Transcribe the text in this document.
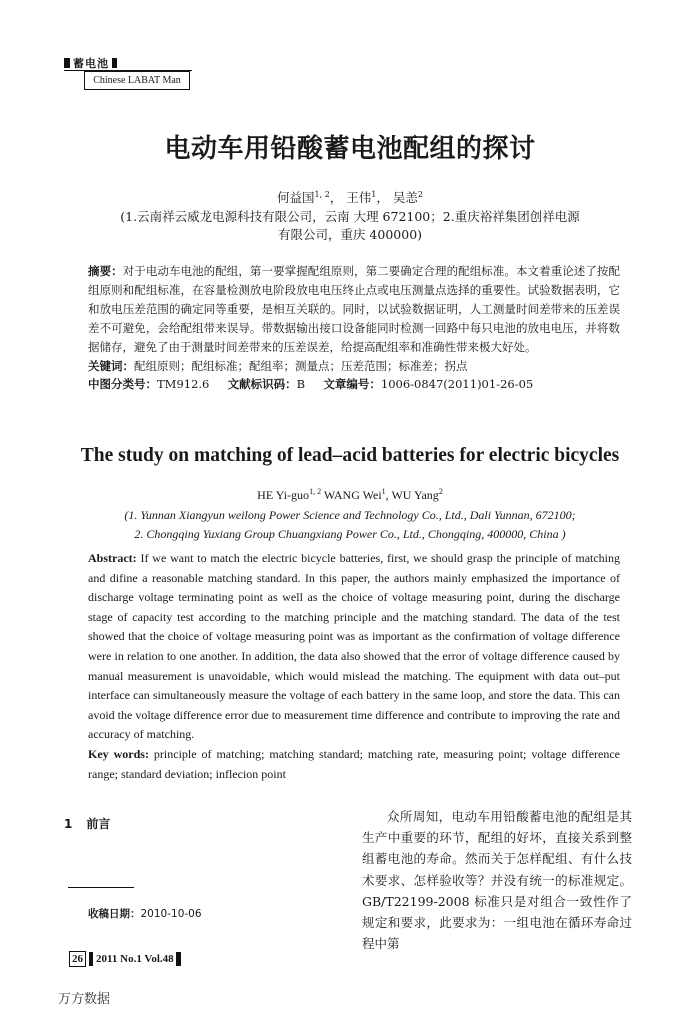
蓄电池
Chinese LABAT Man
电动车用铅酸蓄电池配组的探讨
何益国$^{1, 2}$， 王伟$^1$， 吴恙$^2$
(1.云南祥云威龙电源科技有限公司，云南 大理 672100；2.重庆裕祥集团创祥电源
有限公司，重庆 400000)
摘要：对于电动车电池的配组，第一要掌握配组原则，第二要确定合理的配组标准。本文着重论述了按配组原则和配组标准，在容量检测放电阶段放电电压终止点或电压测量点选择的重要性。试验数据表明，它和放电压差范围的确定同等重要，是相互关联的。同时，以试验数据证明，人工测量时间差带来的压差误差不可避免，会给配组带来误导。带数据输出接口设备能同时检测一回路中每只电池的放电电压，并将数据储存，避免了由于测量时间差带来的压差误差，给提高配组率和准确性带来极大好处。
关键词：配组原则；配组标准；配组率；测量点；压差范围；标准差；拐点
中图分类号：TM912.6 文献标识码：B 文章编号：1006-0847(2011)01-26-05
The study on matching of lead–acid batteries for electric bicycles
HE Yi-guo$^{1, 2}$ WANG Wei$^1$, WU Yang$^2$
(1. Yunnan Xiangyun weilong Power Science and Technology Co., Ltd., Dali Yunnan, 672100;
2. Chongqing Yuxiang Group Chuangxiang Power Co., Ltd., Chongqing, 400000, China )
Abstract: If we want to match the electric bicycle batteries, first, we should grasp the principle of matching and difine a reasonable matching standard. In this paper, the authors mainly emphasized the importance of discharge voltage terminating point as well as the choice of voltage measuring point, during the discharge stage of capacity test according to the matching principle and the matching standard. The data of the test showed that the choice of voltage measuring point was as important as the confirmation of voltage difference were in relation to one another. In addition, the data also showed that the error of voltage difference caused by manual measurement is unavoidable, which would mislead the matching. The equipment with data out–put interface can simultaneously measure the voltage of each battery in the same loop, and store the data. This can avoid the voltage difference error due to measurement time difference and contribute to improving the rate and accuracy of matching.
Key words: principle of matching; matching standard; matching rate, measuring point; voltage difference range; standard deviation; inflecion point
1 前言	众所周知，电动车用铅酸蓄电池的配组是其生产中重要的环节，配组的好坏，直接关系到整组蓄电池的寿命。然而关于怎样配组、有什么技术要求、怎样验收等？并没有统一的标准规定。GB/T22199-2008 标准只是对组合一致性作了规定和要求，此要求为：一组电池在循环寿命过程中第
收稿日期：2010-10-06
26 2011 No.1 Vol.48
万方数据
